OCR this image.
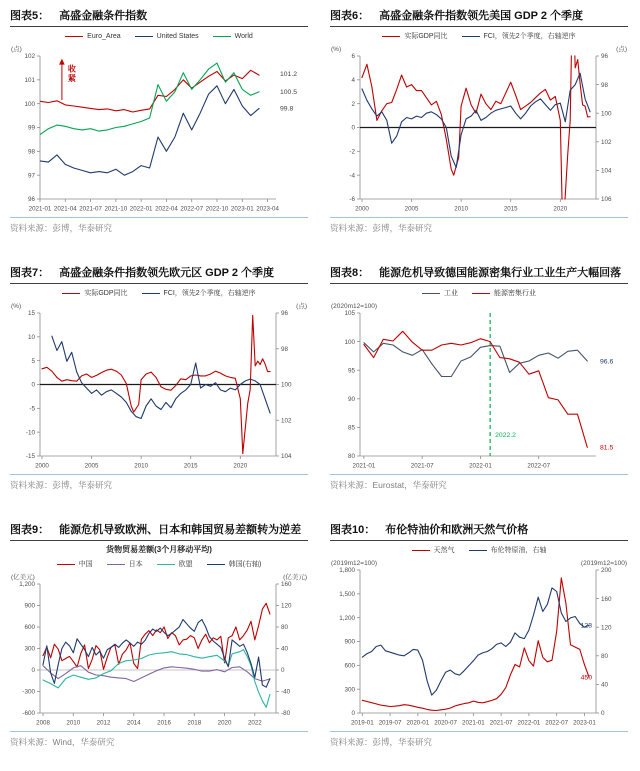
图表5： 高盛金融条件指数
Euro_Area	United States	World
(点)
102
101
100
99
98
97
96
2021-01 2021-04 2021-07 2021-10 2022-01 2022-04 2022-07 2022-10 2023-01 2023-04
101.2
100.5
99.8
收紧
资料来源：彭博，华泰研究
图表6： 高盛金融条件指数领先美国 GDP 2 个季度
实际GDP同比	FCI，领先2个季度，右轴逆序
(%)	(点)
6
4
2
0
-2
-4
-6
96
98
100
102
104
106
2000	2005	2010	2015	2020
资料来源：彭博，华泰研究
图表7： 高盛金融条件指数领先欧元区 GDP 2 个季度
实际GDP同比	FCI，领先2个季度，右轴逆序
(%)	(点)
15
10
5
0
-5
-10
-15
96
98
100
102
104
2000	2005	2010	2015	2020
资料来源：彭博，华泰研究
图表8： 能源危机导致德国能源密集行业工业生产大幅回落
工业	能源密集行业
(2020m12=100)
105
100
95
90
85
80
2021-01	2021-07	2022-01	2022-07
2022.2
96.6
81.5
资料来源：Eurostat，华泰研究
图表9： 能源危机导致欧洲、日本和韩国贸易差额转为逆差
货物贸易差额(3个月移动平均)
中国	日本	欧盟	韩国(右轴)
(亿美元)	(亿美元)
1,200
900
600
300
0
-300
-600
160
120
80
40
0
-40
-80
2008	2010	2012	2014	2016	2018	2020	2022
资料来源：Wind，华泰研究
图表10： 布伦特油价和欧洲天然气价格
天然气	布伦特原油，右轴
(2019m12=100)	(2019m12=100)
1,800
1,500
1,200
900
600
300
0
200
160
120
80
40
0
2019-01 2019-07 2020-01 2020-07 2021-01 2021-07 2022-01 2022-07 2023-01
123
450
资料来源：彭博，华泰研究
